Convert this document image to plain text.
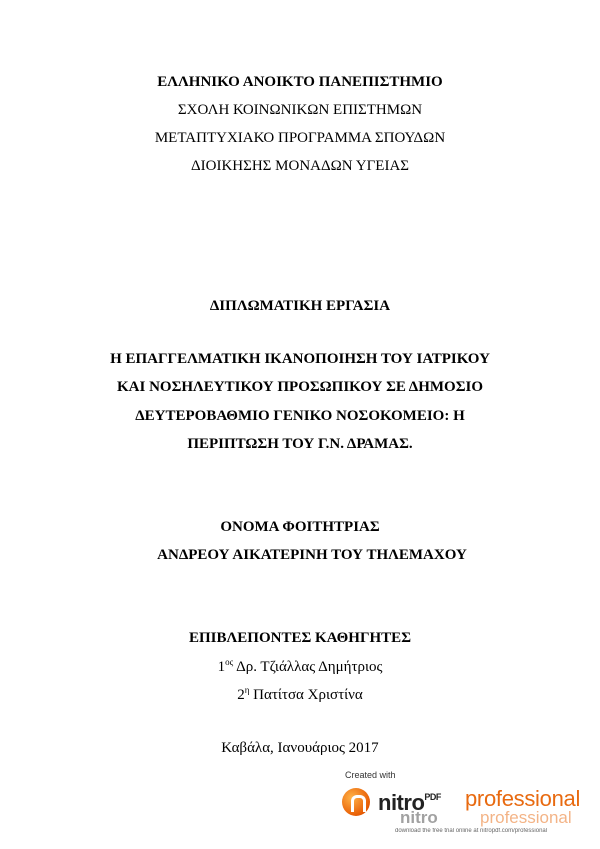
ΕΛΛΗΝΙΚΟ ΑΝΟΙΚΤΟ ΠΑΝΕΠΙΣΤΗΜΙΟ
ΣΧΟΛΗ ΚΟΙΝΩΝΙΚΩΝ ΕΠΙΣΤΗΜΩΝ
ΜΕΤΑΠΤΥΧΙΑΚΟ ΠΡΟΓΡΑΜΜΑ ΣΠΟΥΔΩΝ
ΔΙΟΙΚΗΣΗΣ ΜΟΝΑΔΩΝ ΥΓΕΙΑΣ
ΔΙΠΛΩΜΑΤΙΚΗ ΕΡΓΑΣΙΑ
Η ΕΠΑΓΓΕΛΜΑΤΙΚΗ ΙΚΑΝΟΠΟΙΗΣΗ ΤΟΥ ΙΑΤΡΙΚΟΥ
ΚΑΙ ΝΟΣΗΛΕΥΤΙΚΟΥ ΠΡΟΣΩΠΙΚΟΥ ΣΕ ΔΗΜΟΣΙΟ
ΔΕΥΤΕΡΟΒΑΘΜΙΟ ΓΕΝΙΚΟ ΝΟΣΟΚΟΜΕΙΟ: Η
ΠΕΡΙΠΤΩΣΗ ΤΟΥ Γ.Ν. ΔΡΑΜΑΣ.
ΟΝΟΜΑ ΦΟΙΤΗΤΡΙΑΣ
ΑΝΔΡΕΟΥ ΑΙΚΑΤΕΡΙΝΗ ΤΟΥ ΤΗΛΕΜΑΧΟΥ
ΕΠΙΒΛΕΠΟΝΤΕΣ ΚΑΘΗΓΗΤΕΣ
$1^{o\varsigma}$ Δρ. Τζιάλλας Δημήτριος
$2^\eta$ Πατίτσα Χριστίνα
Καβάλα, Ιανουάριος 2017
Created with
nitro$^{PDF}$ professional
nitro professional
download the free trial online at nitropdf.com/professional
